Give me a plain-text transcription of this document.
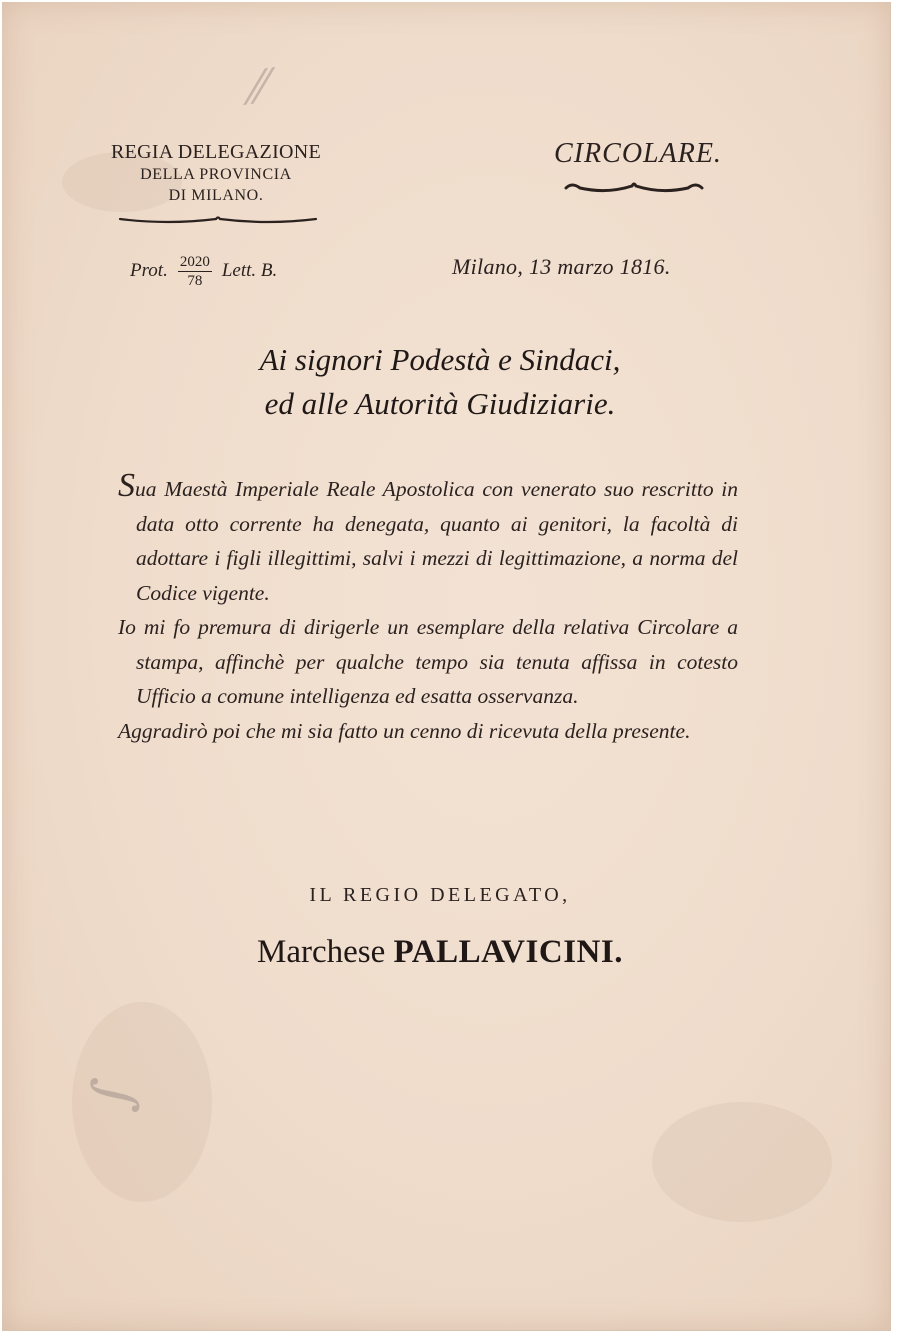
⁄⁄
∫
REGIA DELEGAZIONE
DELLA PROVINCIA
DI MILANO.
CIRCOLARE.
Prot. $\frac{2020}{78}$ Lett. B.	Milano, 13 marzo 1816.
Ai signori Podestà e Sindaci,
ed alle Autorità Giudiziarie.

Sua Maestà Imperiale Reale Apostolica con venerato suo rescritto in data otto corrente ha denegata, quanto ai genitori, la facoltà di adottare i figli illegittimi, salvi i mezzi di legittimazione, a norma del Codice vigente.

Io mi fo premura di dirigerle un esemplare della relativa Circolare a stampa, affinchè per qualche tempo sia tenuta affissa in cotesto Ufficio a comune intelligenza ed esatta osservanza.

Aggradirò poi che mi sia fatto un cenno di ricevuta della presente.

IL REGIO DELEGATO,
Marchese PALLAVICINI.
